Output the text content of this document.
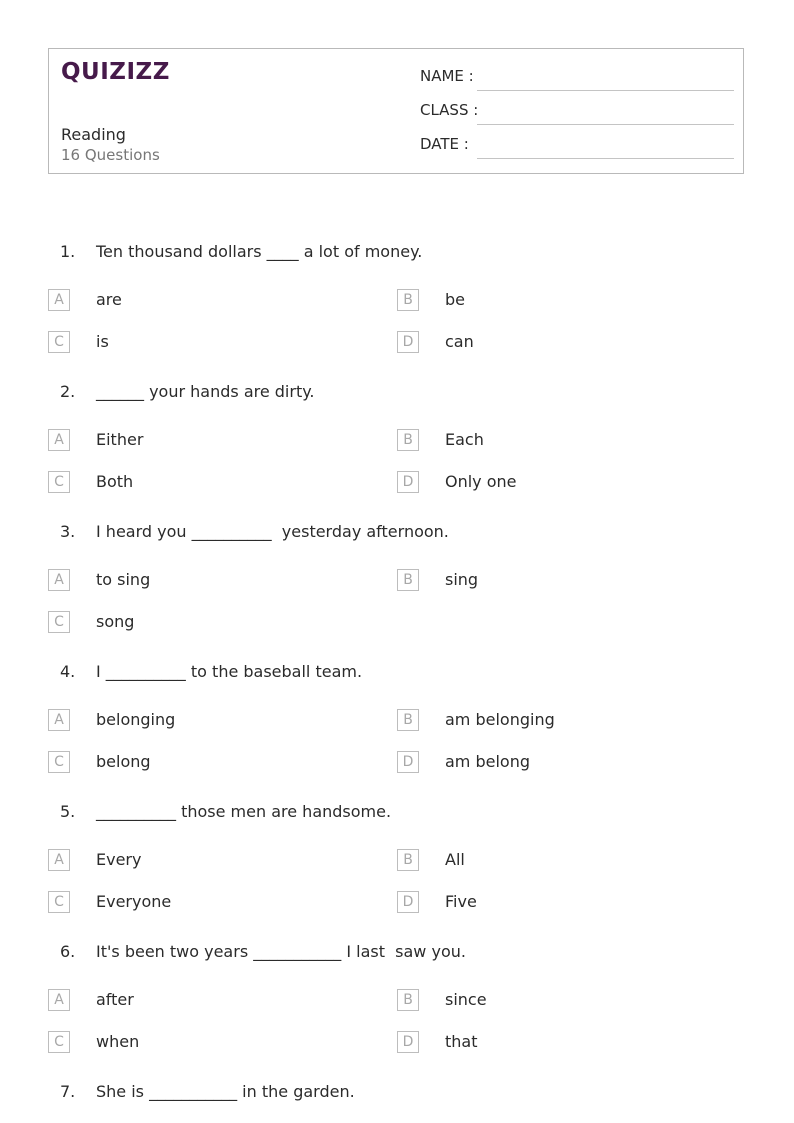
QUIZIZZ
Reading
16 Questions
NAME :
CLASS :
DATE :
1. Ten thousand dollars ____ a lot of money.
A	are	B	be
C	is	D	can
2. ______ your hands are dirty.
A	Either	B	Each
C	Both	D	Only one
3. I heard you __________  yesterday afternoon.
A	to sing	B	sing
C	song
4. I __________ to the baseball team.
A	belonging	B	am belonging
C	belong	D	am belong
5. __________ those men are handsome.
A	Every	B	All
C	Everyone	D	Five
6. It's been two years ___________ I last  saw you.
A	after	B	since
C	when	D	that
7. She is ___________ in the garden.
